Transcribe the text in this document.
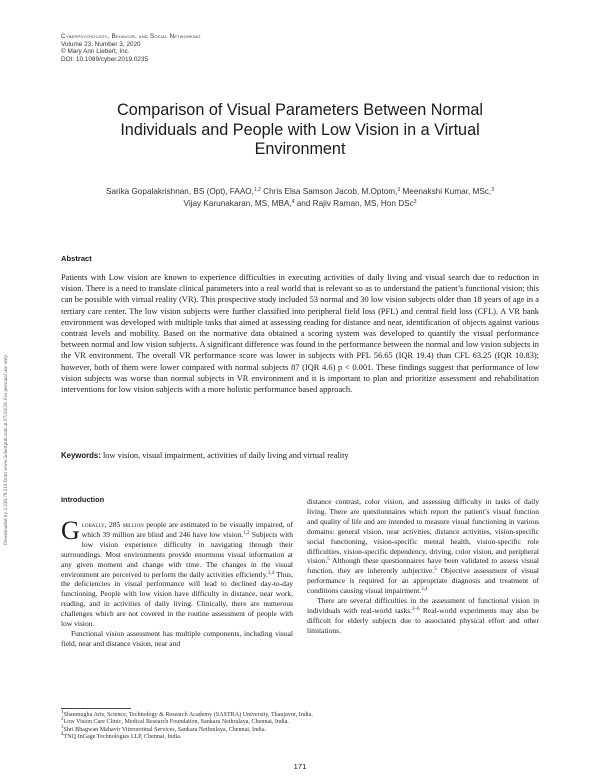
Cyberpsychology, Behavior, and Social Networking
Volume 23, Number 3, 2020
© Mary Ann Liebert, Inc.
DOI: 10.1089/cyber.2019.0235
Downloaded by 3.236.79.210 from www.liebertpub.com at 07/24/20. For personal use only.
Comparison of Visual Parameters Between Normal Individuals and People with Low Vision in a Virtual Environment
Sarika Gopalakrishnan, BS (Opt), FAAO,$^{1,2}$ Chris Elsa Samson Jacob, M.Optom,$^3$ Meenakshi Kumar, MSc,$^3$
Vijay Karunakaran, MS, MBA,$^4$ and Rajiv Raman, MS, Hon DSc$^3$
Abstract

Patients with Low vision are known to experience difficulties in executing activities of daily living and visual search due to reduction in vision. There is a need to translate clinical parameters into a real world that is relevant so as to understand the patient’s functional vision; this can be possible with virtual reality (VR). This prospective study included 53 normal and 30 low vision subjects older than 18 years of age in a tertiary care center. The low vision subjects were further classified into peripheral field loss (PFL) and central field loss (CFL). A VR bank environment was developed with multiple tasks that aimed at assessing reading for distance and near, identification of objects against various contrast levels and mobility. Based on the normative data obtained a scoring system was developed to quantify the visual performance between normal and low vision subjects. A significant difference was found in the performance between the normal and low vision subjects in the VR environment. The overall VR performance score was lower in subjects with PFL 56.65 (IQR 19.4) than CFL 63.25 (IQR 10.83); however, both of them were lower compared with normal subjects 87 (IQR 4.6) p < 0.001. These findings suggest that performance of low vision subjects was worse than normal subjects in VR environment and it is important to plan and prioritize assessment and rehabilitation interventions for low vision subjects with a more holistic performance based approach.

Keywords: low vision, visual impairment, activities of daily living and virtual reality

Introduction

Globally, 285 million people are estimated to be visually impaired, of which 39 million are blind and 246 have low vision.$^{1,2}$ Subjects with low vision experience difficulty in navigating through their surroundings. Most environments provide enormous visual information at any given moment and change with time. The changes in the visual environment are perceived to perform the daily activities efficiently.$^{3,4}$ Thus, the deficiencies in visual performance will lead to declined day-to-day functioning. People with low vision have difficulty in distance, near work, reading, and in activities of daily living. Clinically, there are numerous challenges which are not covered in the routine assessment of people with low vision.

Functional vision assessment has multiple components, including visual field, near and distance vision, near and

distance contrast, color vision, and assessing difficulty in tasks of daily living. There are questionnaires which report the patient’s visual function and quality of life and are intended to measure visual functioning in various domains: general vision, near activities, distance activities, vision-specific social functioning, vision-specific mental health, vision-specific role difficulties, vision-specific dependency, driving, color vision, and peripheral vision.$^5$ Although these questionnaires have been validated to assess visual function, they are inherently subjective.$^5$ Objective assessment of visual performance is required for an appropriate diagnosis and treatment of conditions causing visual impairment.$^{3,4}$

There are several difficulties in the assessment of functional vision in individuals with real-world tasks.$^{3-6}$ Real-world experiments may also be difficult for elderly subjects due to associated physical effort and other limitations.

$^1$Shanmugha Arts, Science, Technology & Research Academy (SASTRA) University, Thanjavur, India.
$^2$Low Vision Care Clinic, Medical Research Foundation, Sankara Nethralaya, Chennai, India.
$^3$Shri Bhagwan Mahavir Vitreoretinal Services, Sankara Nethralaya, Chennai, India.
$^4$TNQ InGage Technologies LLP, Chennai, India.
171
